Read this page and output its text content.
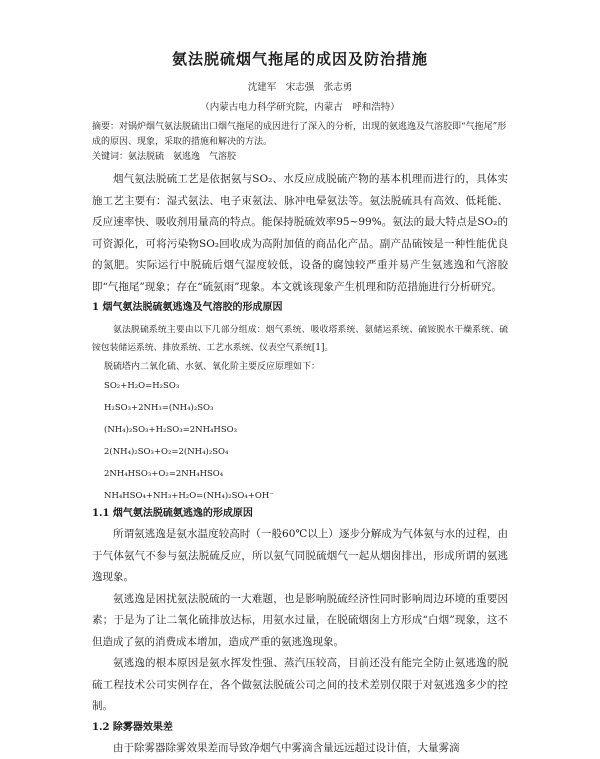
氨法脱硫烟气拖尾的成因及防治措施
沈建军　宋志强　张志勇
（内蒙古电力科学研究院，内蒙古　呼和浩特）

摘要：对锅炉烟气氨法脱硫出口烟气拖尾的成因进行了深入的分析，出现的氨逃逸及气溶胶即“气拖尾”形成的原因、现象，采取的措施和解决的方法。

关键词：氨法脱硫　氨逃逸　气溶胶

烟气氨法脱硫工艺是依据氨与SO₂、水反应成脱硫产物的基本机理而进行的，具体实施工艺主要有：湿式氨法、电子束氨法、脉冲电晕氨法等。氨法脱硫具有高效、低耗能、反应速率快、吸收剂用量高的特点。能保持脱硫效率95~99%。氨法的最大特点是SO₂的可资源化，可将污染物SO₂回收成为高附加值的商品化产品。副产品硫铵是一种性能优良的氮肥。实际运行中脱硫后烟气湿度较低，设备的腐蚀较严重并易产生氨逃逸和气溶胶即“气拖尾”现象；存在“硫氨雨”现象。本文就该现象产生机理和防范措施进行分析研究。

1 烟气氨法脱硫氨逃逸及气溶胶的形成原因

氨法脱硫系统主要由以下几部分组成：烟气系统、吸收塔系统、氨储运系统、硫铵脱水干燥系统、硫铵包装储运系统、排放系统、工艺水系统、仪表空气系统[1]。

脱硫塔内二氧化硫、水氨、氧化阶主要反应原理如下：
SO₂+H₂O=H₂SO₃
H₂SO₃+2NH₃=(NH₄)₂SO₃
(NH₄)₂SO₃+H₂SO₃=2NH₄HSO₃
2(NH₄)₂SO₃+O₂=2(NH₄)₂SO₄
2NH₄HSO₃+O₂=2NH₄HSO₄
NH₄HSO₄+NH₃+H₂O=(NH₄)₂SO₄+OH⁻
1.1 烟气氨法脱硫氨逃逸的形成原因

所谓氨逃逸是氨水温度较高时（一般60℃以上）逐步分解成为气体氨与水的过程，由于气体氨气不参与氨法脱硫反应，所以氨气同脱硫烟气一起从烟囱排出，形成所谓的氨逃逸现象。

氨逃逸是困扰氨法脱硫的一大难题，也是影响脱硫经济性同时影响周边环境的重要因素；于是为了让二氧化硫排放达标，用氨水过量，在脱硫烟囱上方形成“白烟”现象，这不但造成了氨的消费成本增加，造成严重的氨逃逸现象。

氨逃逸的根本原因是氨水挥发性强、蒸汽压较高，目前还没有能完全防止氨逃逸的脱硫工程技术公司实例存在，各个做氨法脱硫公司之间的技术差别仅限于对氨逃逸多少的控制。

1.2 除雾器效果差

由于除雾器除雾效果差而导致净烟气中雾滴含量远远超过设计值，大量雾滴
